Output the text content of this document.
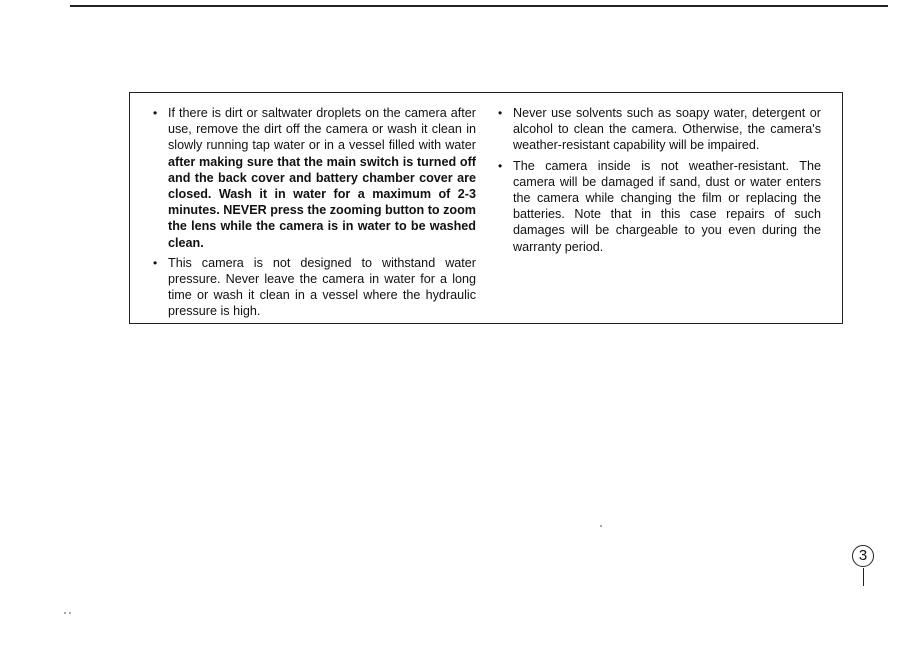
• If there is dirt or saltwater droplets on the camera after use, remove the dirt off the camera or wash it clean in slowly running tap water or in a vessel filled with water after making sure that the main switch is turned off and the back cover and battery chamber cover are closed. Wash it in water for a maximum of 2-3 minutes. NEVER press the zooming button to zoom the lens while the camera is in water to be washed clean.
• This camera is not designed to withstand water pressure. Never leave the camera in water for a long time or wash it clean in a vessel where the hydraulic pressure is high.
• Never use solvents such as soapy water, detergent or alcohol to clean the camera. Otherwise, the camera's weather-resistant capability will be impaired.
• The camera inside is not weather-resistant. The camera will be damaged if sand, dust or water enters the camera while changing the film or replacing the batteries. Note that in this case repairs of such damages will be chargeable to you even during the warranty period.
3
